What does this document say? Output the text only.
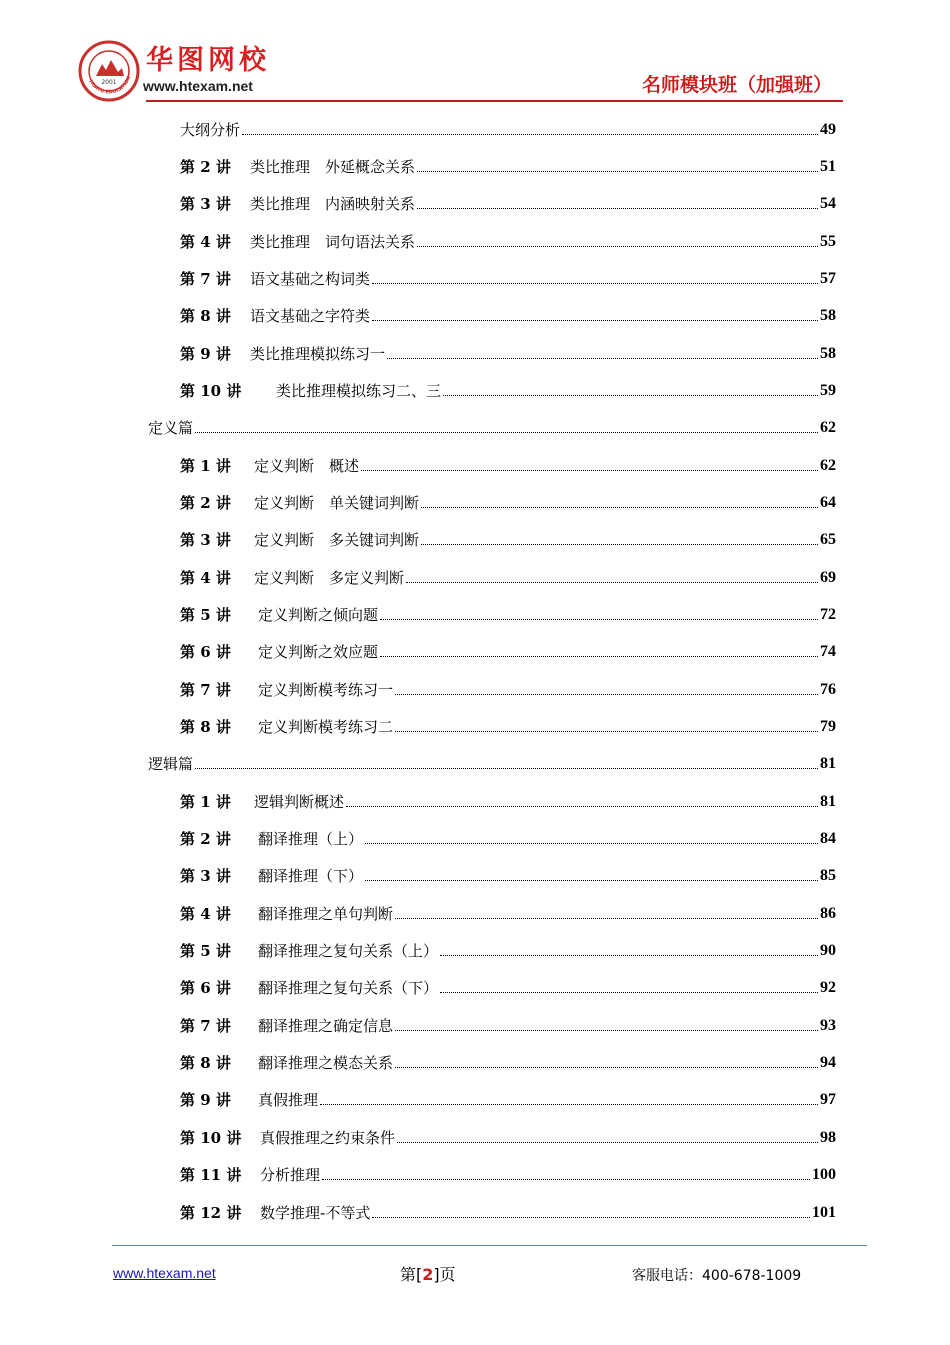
2001
HUATU EDUCATION
华图网校
www.htexam.net	名师模块班（加强班）
大纲分析	49
第 2 讲	类比推理　外延概念关系	51
第 3 讲	类比推理　内涵映射关系	54
第 4 讲	类比推理　词句语法关系	55
第 7 讲	语文基础之构词类	57
第 8 讲	语文基础之字符类	58
第 9 讲	类比推理模拟练习一	58
第 10 讲	类比推理模拟练习二、三	59
定义篇	62
第 1 讲	定义判断　概述	62
第 2 讲	定义判断　单关键词判断	64
第 3 讲	定义判断　多关键词判断	65
第 4 讲	定义判断　多定义判断	69
第 5 讲	定义判断之倾向题	72
第 6 讲	定义判断之效应题	74
第 7 讲	定义判断模考练习一	76
第 8 讲	定义判断模考练习二	79
逻辑篇	81
第 1 讲	逻辑判断概述	81
第 2 讲	翻译推理（上）	84
第 3 讲	翻译推理（下）	85
第 4 讲	翻译推理之单句判断	86
第 5 讲	翻译推理之复句关系（上）	90
第 6 讲	翻译推理之复句关系（下）	92
第 7 讲	翻译推理之确定信息	93
第 8 讲	翻译推理之模态关系	94
第 9 讲	真假推理	97
第 10 讲	真假推理之约束条件	98
第 11 讲	分析推理	100
第 12 讲	数学推理-不等式	101
www.htexam.net	第[2]页	客服电话：400-678-1009
